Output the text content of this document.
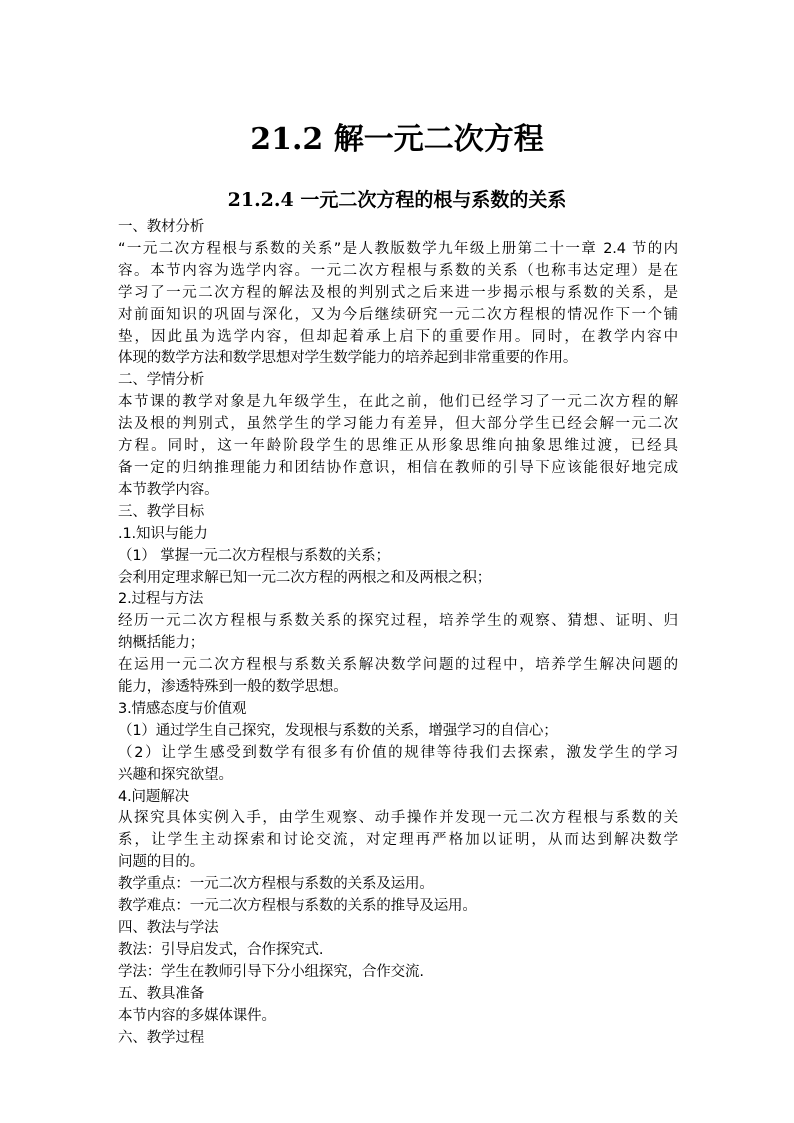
21.2 解一元二次方程
21.2.4 一元二次方程的根与系数的关系
一、教材分析
“一元二次方程根与系数的关系”是人教版数学九年级上册第二十一章 2.4 节的内
容。本节内容为选学内容。一元二次方程根与系数的关系（也称韦达定理）是在
学习了一元二次方程的解法及根的判别式之后来进一步揭示根与系数的关系，是
对前面知识的巩固与深化，又为今后继续研究一元二次方程根的情况作下一个铺
垫，因此虽为选学内容，但却起着承上启下的重要作用。同时，在教学内容中
体现的数学方法和数学思想对学生数学能力的培养起到非常重要的作用。
二、学情分析
本节课的教学对象是九年级学生，在此之前，他们已经学习了一元二次方程的解
法及根的判别式，虽然学生的学习能力有差异，但大部分学生已经会解一元二次
方程。同时，这一年龄阶段学生的思维正从形象思维向抽象思维过渡，已经具
备一定的归纳推理能力和团结协作意识，相信在教师的引导下应该能很好地完成
本节教学内容。
三、教学目标
.1.知识与能力
（1） 掌握一元二次方程根与系数的关系；
会利用定理求解已知一元二次方程的两根之和及两根之积；
2.过程与方法
经历一元二次方程根与系数关系的探究过程，培养学生的观察、猜想、证明、归
纳概括能力；
在运用一元二次方程根与系数关系解决数学问题的过程中，培养学生解决问题的
能力，渗透特殊到一般的数学思想。
3.情感态度与价值观
（1）通过学生自己探究，发现根与系数的关系，增强学习的自信心；
（2）让学生感受到数学有很多有价值的规律等待我们去探索，激发学生的学习
兴趣和探究欲望。
4.问题解决
从探究具体实例入手，由学生观察、动手操作并发现一元二次方程根与系数的关
系，让学生主动探索和讨论交流，对定理再严格加以证明，从而达到解决数学
问题的目的。
教学重点：一元二次方程根与系数的关系及运用。
教学难点：一元二次方程根与系数的关系的推导及运用。
四、教法与学法
教法：引导启发式，合作探究式.
学法：学生在教师引导下分小组探究，合作交流.
五、教具准备
本节内容的多媒体课件。
六、教学过程
